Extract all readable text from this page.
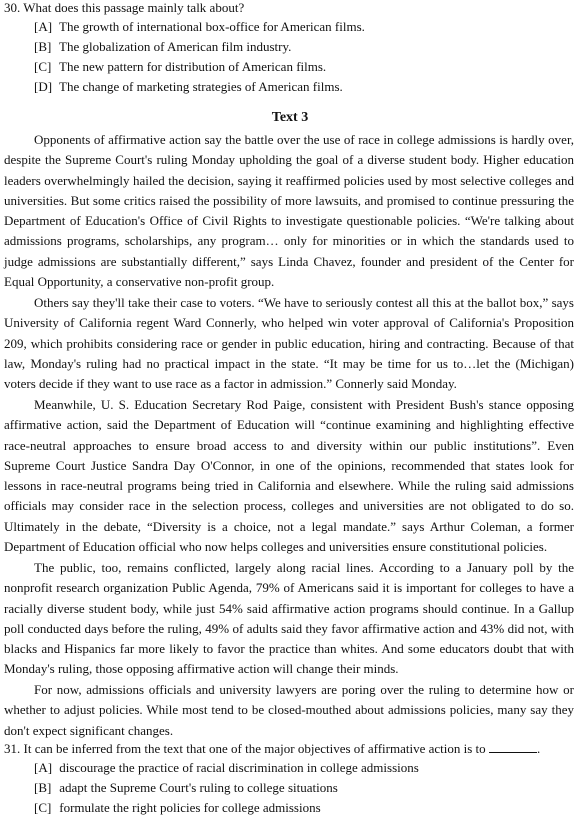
30. What does this passage mainly talk about?
[A] The growth of international box-office for American films.
[B] The globalization of American film industry.
[C] The new pattern for distribution of American films.
[D] The change of marketing strategies of American films.
Text 3

Opponents of affirmative action say the battle over the use of race in college admissions is hardly over, despite the Supreme Court's ruling Monday upholding the goal of a diverse student body. Higher education leaders overwhelmingly hailed the decision, saying it reaffirmed policies used by most selective colleges and universities. But some critics raised the possibility of more lawsuits, and promised to continue pressuring the Department of Education's Office of Civil Rights to investigate questionable policies. “We're talking about admissions programs, scholarships, any program… only for minorities or in which the standards used to judge admissions are substantially different,” says Linda Chavez, founder and president of the Center for Equal Opportunity, a conservative non-profit group.

Others say they'll take their case to voters. “We have to seriously contest all this at the ballot box,” says University of California regent Ward Connerly, who helped win voter approval of California's Proposition 209, which prohibits considering race or gender in public education, hiring and contracting. Because of that law, Monday's ruling had no practical impact in the state. “It may be time for us to…let the (Michigan) voters decide if they want to use race as a factor in admission.” Connerly said Monday.

Meanwhile, U. S. Education Secretary Rod Paige, consistent with President Bush's stance opposing affirmative action, said the Department of Education will “continue examining and highlighting effective race-neutral approaches to ensure broad access to and diversity within our public institutions”. Even Supreme Court Justice Sandra Day O'Connor, in one of the opinions, recommended that states look for lessons in race-neutral programs being tried in California and elsewhere. While the ruling said admissions officials may consider race in the selection process, colleges and universities are not obligated to do so. Ultimately in the debate, “Diversity is a choice, not a legal mandate.” says Arthur Coleman, a former Department of Education official who now helps colleges and universities ensure constitutional policies.

The public, too, remains conflicted, largely along racial lines. According to a January poll by the nonprofit research organization Public Agenda, 79% of Americans said it is important for colleges to have a racially diverse student body, while just 54% said affirmative action programs should continue. In a Gallup poll conducted days before the ruling, 49% of adults said they favor affirmative action and 43% did not, with blacks and Hispanics far more likely to favor the practice than whites. And some educators doubt that with Monday's ruling, those opposing affirmative action will change their minds.

For now, admissions officials and university lawyers are poring over the ruling to determine how or whether to adjust policies. While most tend to be closed-mouthed about admissions policies, many say they don't expect significant changes.

31. It can be inferred from the text that one of the major objectives of affirmative action is to	.
[A] discourage the practice of racial discrimination in college admissions
[B] adapt the Supreme Court's ruling to college situations
[C] formulate the right policies for college admissions
